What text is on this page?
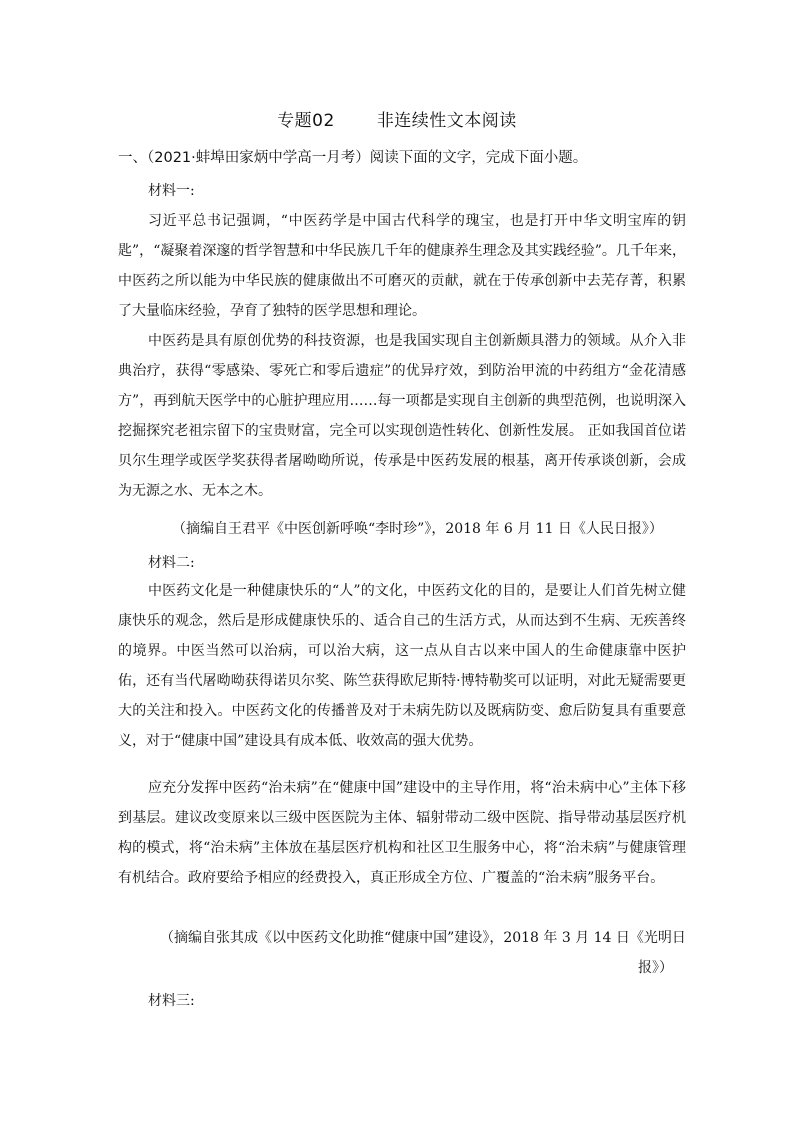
专题02 非连续性文本阅读
一、（2021·蚌埠田家炳中学高一月考）阅读下面的文字，完成下面小题。
材料一:
习近平总书记强调，“中医药学是中国古代科学的瑰宝，也是打开中华文明宝库的钥匙”，“凝聚着深邃的哲学智慧和中华民族几千年的健康养生理念及其实践经验”。几千年来，中医药之所以能为中华民族的健康做出不可磨灭的贡献，就在于传承创新中去芜存菁，积累了大量临床经验，孕育了独特的医学思想和理论。
中医药是具有原创优势的科技资源，也是我国实现自主创新颇具潜力的领域。从介入非典治疗，获得“零感染、零死亡和零后遗症”的优异疗效，到防治甲流的中药组方“金花清感方”，再到航天医学中的心脏护理应用……每一项都是实现自主创新的典型范例，也说明深入挖掘探究老祖宗留下的宝贵财富，完全可以实现创造性转化、创新性发展。 正如我国首位诺贝尔生理学或医学奖获得者屠呦呦所说，传承是中医药发展的根基，离开传承谈创新，会成为无源之水、无本之木。
（摘编自王君平《中医创新呼唤“李时珍”》，2018 年 6 月 11 日《人民日报》）
材料二:
中医药文化是一种健康快乐的“人”的文化，中医药文化的目的，是要让人们首先树立健康快乐的观念，然后是形成健康快乐的、适合自己的生活方式，从而达到不生病、无疾善终的境界。中医当然可以治病，可以治大病，这一点从自古以来中国人的生命健康靠中医护佑，还有当代屠呦呦获得诺贝尔奖、陈竺获得欧尼斯特·博特勒奖可以证明，对此无疑需要更大的关注和投入。中医药文化的传播普及对于未病先防以及既病防变、愈后防复具有重要意义，对于“健康中国”建设具有成本低、收效高的强大优势。
应充分发挥中医药“治未病”在“健康中国”建设中的主导作用，将“治未病中心”主体下移到基层。建议改变原来以三级中医医院为主体、辐射带动二级中医院、指导带动基层医疗机构的模式，将“治未病”主体放在基层医疗机构和社区卫生服务中心，将“治未病”与健康管理有机结合。政府要给予相应的经费投入，真正形成全方位、广覆盖的“治未病”服务平台。
（摘编自张其成《以中医药文化助推“健康中国”建设》，2018 年 3 月 14 日《光明日
报》）
材料三:
